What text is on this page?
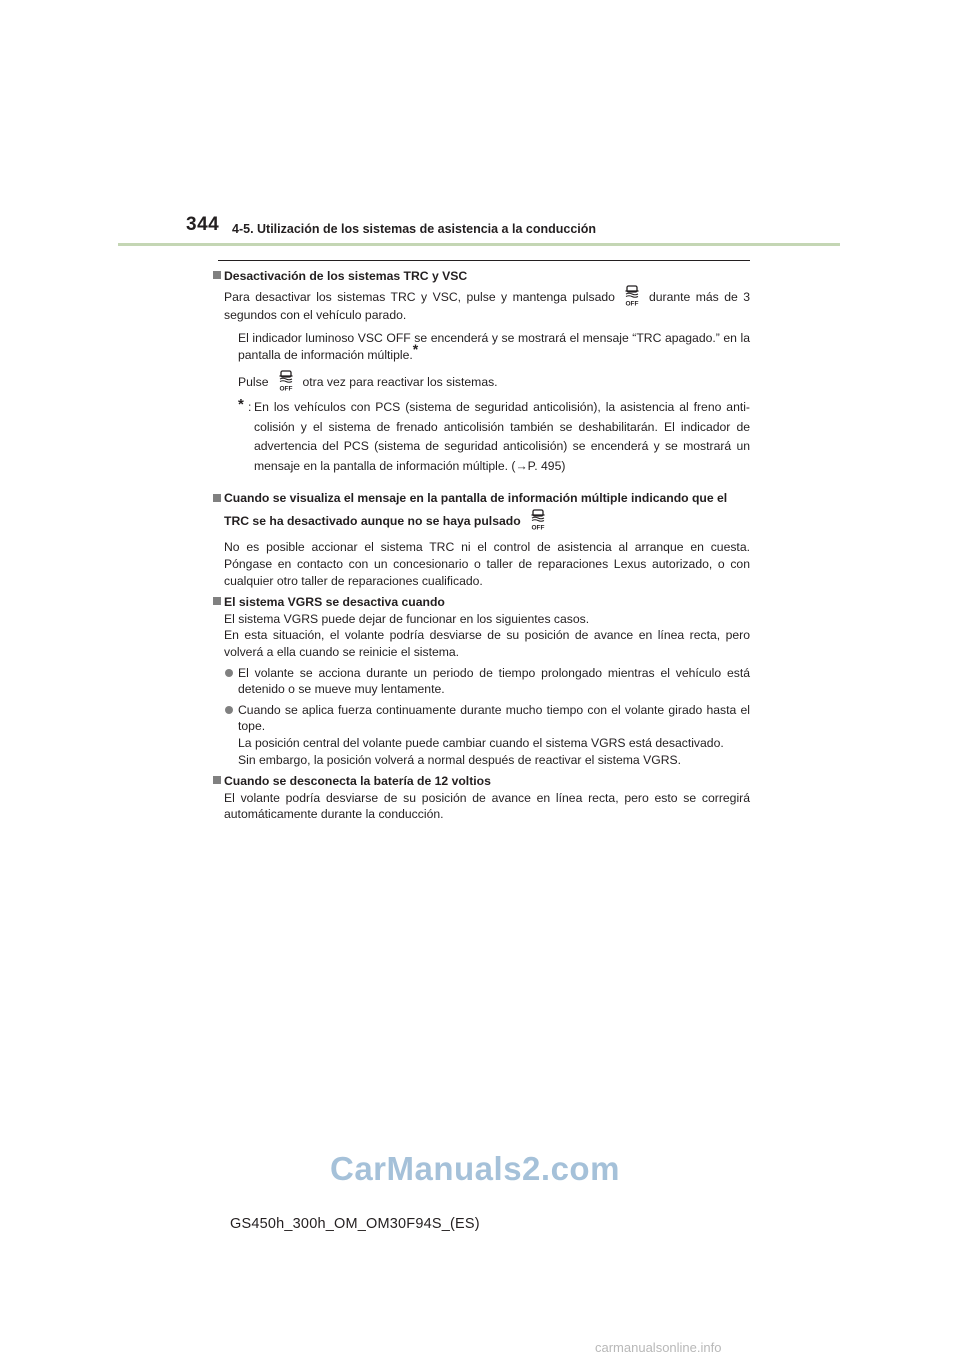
344 4-5. Utilización de los sistemas de asistencia a la conducción
Desactivación de los sistemas TRC y VSC
Para desactivar los sistemas TRC y VSC, pulse y mantenga pulsado OFF durante más de 3 segundos con el vehículo parado.
El indicador luminoso VSC OFF se encenderá y se mostrará el mensaje “TRC apagado.” en la pantalla de información múltiple.*
Pulse OFF otra vez para reactivar los sistemas.
* : En los vehículos con PCS (sistema de seguridad anticolisión), la asistencia al freno anti-colisión y el sistema de frenado anticolisión también se deshabilitarán. El indicador de advertencia del PCS (sistema de seguridad anticolisión) se encenderá y se mostrará un mensaje en la pantalla de información múltiple. (→P. 495)
Cuando se visualiza el mensaje en la pantalla de información múltiple indicando que el TRC se ha desactivado aunque no se haya pulsado OFF
No es posible accionar el sistema TRC ni el control de asistencia al arranque en cuesta. Póngase en contacto con un concesionario o taller de reparaciones Lexus autorizado, o con cualquier otro taller de reparaciones cualificado.
El sistema VGRS se desactiva cuando
El sistema VGRS puede dejar de funcionar en los siguientes casos.
En esta situación, el volante podría desviarse de su posición de avance en línea recta, pero volverá a ella cuando se reinicie el sistema.
El volante se acciona durante un periodo de tiempo prolongado mientras el vehículo está detenido o se mueve muy lentamente.
Cuando se aplica fuerza continuamente durante mucho tiempo con el volante girado hasta el tope.
La posición central del volante puede cambiar cuando el sistema VGRS está desactivado.
Sin embargo, la posición volverá a normal después de reactivar el sistema VGRS.
Cuando se desconecta la batería de 12 voltios
El volante podría desviarse de su posición de avance en línea recta, pero esto se corregirá automáticamente durante la conducción.
CarManuals2.com
GS450h_300h_OM_OM30F94S_(ES)
carmanualsonline.info
